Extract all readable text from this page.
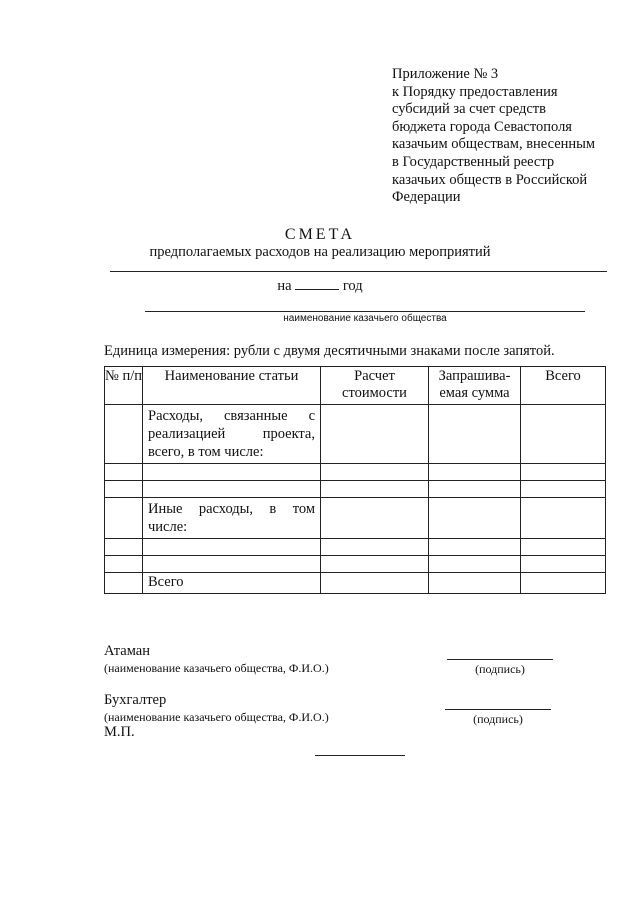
Приложение № 3
к Порядку предоставления
субсидий за счет средств
бюджета города Севастополя
казачьим обществам, внесенным
в Государственный реестр
казачьих обществ в Российской
Федерации
СМЕТА
предполагаемых расходов на реализацию мероприятий
на	год
наименование казачьего общества
Единица измерения: рубли с двумя десятичными знаками после запятой.
№ п/п	Наименование статьи	Расчет стоимости	Запрашива-емая сумма	Всего

	Расходы, связанные с реализацией проекта, всего, в том числе:			

	Иные расходы, в том числе:			

	Всего			

Атаман
(наименование казачьего общества, Ф.И.О.)	(подпись)
Бухгалтер
(наименование казачьего общества, Ф.И.О.)	(подпись)
М.П.
